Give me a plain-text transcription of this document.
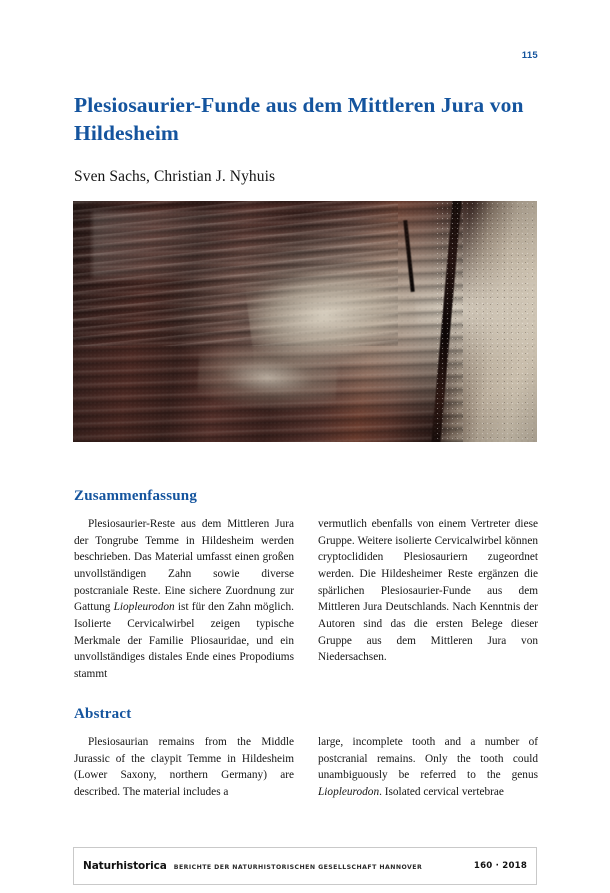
115
Plesiosaurier-Funde aus dem Mittleren Jura von Hildesheim

Sven Sachs, Christian J. Nyhuis

Zusammenfassung

Plesiosaurier-Reste aus dem Mittleren Jura der Tongrube Temme in Hildesheim werden beschrieben. Das Material umfasst einen großen unvollständigen Zahn sowie diverse postcraniale Reste. Eine sichere Zuordnung zur Gattung Liopleurodon ist für den Zahn möglich. Isolierte Cervicalwirbel zeigen typische Merkmale der Familie Pliosauridae, und ein unvollständiges distales Ende eines Propodiums stammt

vermutlich ebenfalls von einem Vertreter diese Gruppe. Weitere isolierte Cervicalwirbel können cryptoclididen Plesiosauriern zugeordnet werden. Die Hildesheimer Reste ergänzen die spärlichen Plesiosaurier-Funde aus dem Mittleren Jura Deutschlands. Nach Kenntnis der Autoren sind das die ersten Belege dieser Gruppe aus dem Mittleren Jura von Niedersachsen.

Abstract

Plesiosaurian remains from the Middle Jurassic of the claypit Temme in Hildesheim (Lower Saxony, northern Germany) are described. The material includes a

large, incomplete tooth and a number of postcranial remains. Only the tooth could unambiguously be referred to the genus Liopleurodon. Isolated cervical vertebrae

Naturhistorica BERICHTE DER NATURHISTORISCHEN GESELLSCHAFT HANNOVER	160 · 2018
